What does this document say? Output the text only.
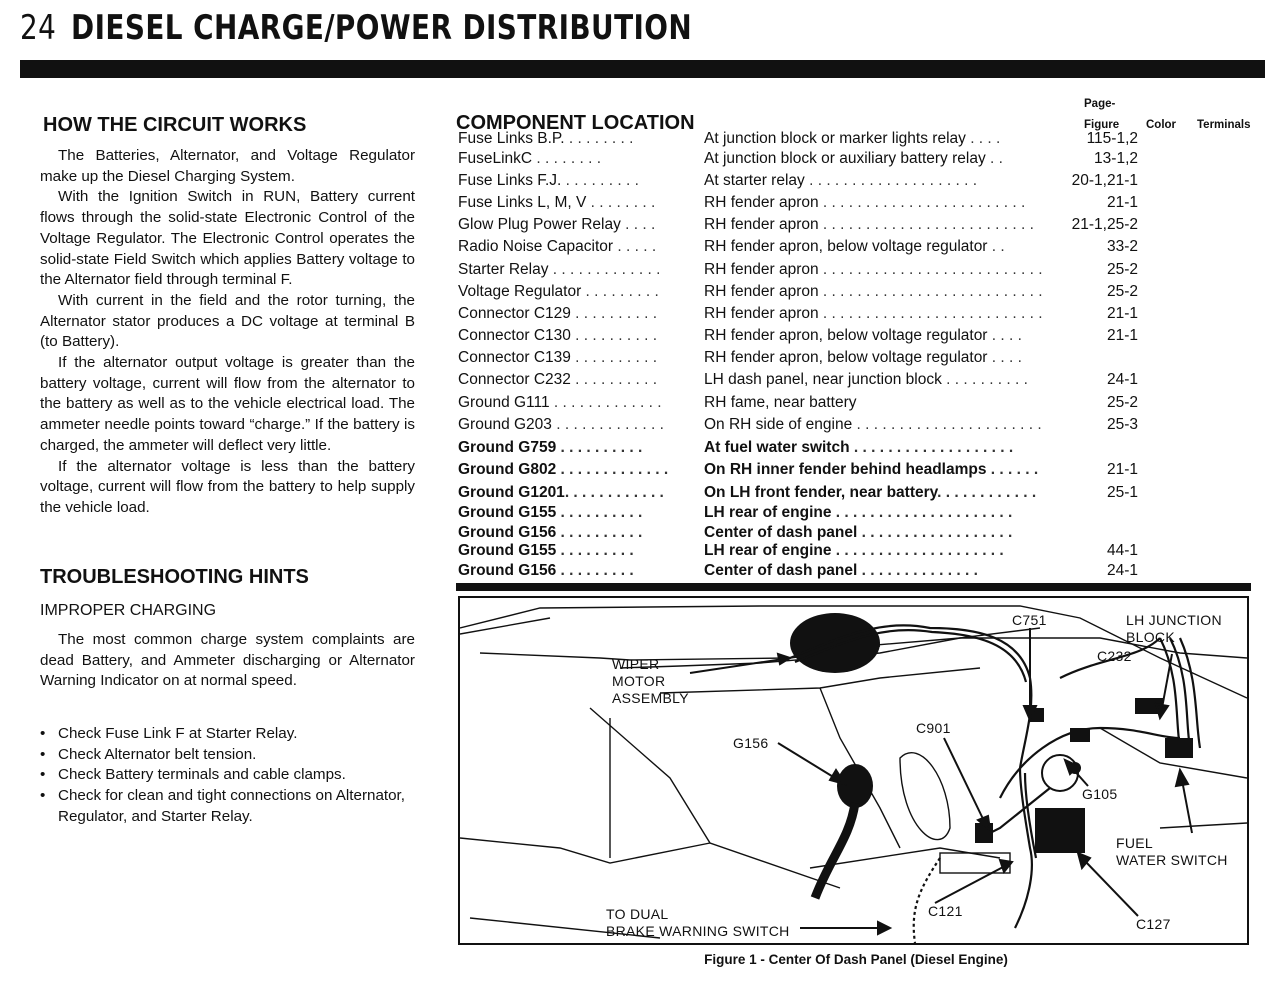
24 DIESEL CHARGE/POWER DISTRIBUTION
HOW THE CIRCUIT WORKS

The Batteries, Alternator, and Voltage Regulator make up the Diesel Charging System.

With the Ignition Switch in RUN, Battery current flows through the solid-state Electronic Control of the Voltage Regulator. The Electronic Control operates the solid-state Field Switch which applies Battery voltage to the Alternator field through terminal F.

With current in the field and the rotor turning, the Alternator stator produces a DC voltage at terminal B (to Battery).

If the alternator output voltage is greater than the battery voltage, current will flow from the alternator to the battery as well as to the vehicle electrical load. The ammeter needle points toward “charge.” If the battery is charged, the ammeter will deflect very little.

If the alternator voltage is less than the battery voltage, current will flow from the battery to help supply the vehicle load.

TROUBLESHOOTING HINTS
IMPROPER CHARGING

The most common charge system complaints are dead Battery, and Ammeter discharging or Alternator Warning Indicator on at normal speed.

• Check Fuse Link F at Starter Relay.
• Check Alternator belt tension.
• Check Battery terminals and cable clamps.
• Check for clean and tight connections on Alternator, Regulator, and Starter Relay.
COMPONENT LOCATION
Page-
Figure Color Terminals
Fuse Links B.P. . . . . . . . .	At junction block or marker lights relay . . . .	115-1,2
FuseLinkC . . . . . . . .	At junction block or auxiliary battery relay . .	13-1,2
Fuse Links F.J. . . . . . . . . .	At starter relay . . . . . . . . . . . . . . . . . . . .	20-1,21-1
Fuse Links L, M, V . . . . . . . .	RH fender apron . . . . . . . . . . . . . . . . . . . . . . . .	21-1
Glow Plug Power Relay . . . .	RH fender apron . . . . . . . . . . . . . . . . . . . . . . . . .	21-1,25-2
Radio Noise Capacitor . . . . .	RH fender apron, below voltage regulator . .	33-2
Starter Relay . . . . . . . . . . . . .	RH fender apron . . . . . . . . . . . . . . . . . . . . . . . . . .	25-2
Voltage Regulator . . . . . . . . .	RH fender apron . . . . . . . . . . . . . . . . . . . . . . . . . .	25-2
Connector C129 . . . . . . . . . .	RH fender apron . . . . . . . . . . . . . . . . . . . . . . . . . .	21-1
Connector C130 . . . . . . . . . .	RH fender apron, below voltage regulator . . . .	21-1
Connector C139 . . . . . . . . . .	RH fender apron, below voltage regulator . . . .
Connector C232 . . . . . . . . . .	LH dash panel, near junction block . . . . . . . . . .	24-1
Ground G111 . . . . . . . . . . . . .	RH fame, near battery	25-2
Ground G203 . . . . . . . . . . . . .	On RH side of engine . . . . . . . . . . . . . . . . . . . . . .	25-3
Ground G759 . . . . . . . . . .	At fuel water switch . . . . . . . . . . . . . . . . . . .
Ground G802 . . . . . . . . . . . . .	On RH inner fender behind headlamps . . . . . .	21-1
Ground G1201. . . . . . . . . . . .	On LH front fender, near battery. . . . . . . . . . . .	25-1
Ground G155 . . . . . . . . . .	LH rear of engine . . . . . . . . . . . . . . . . . . . . .
Ground G156 . . . . . . . . . .	Center of dash panel . . . . . . . . . . . . . . . . . .
Ground G155 . . . . . . . . .	LH rear of engine . . . . . . . . . . . . . . . . . . . .	44-1
Ground G156 . . . . . . . . .	Center of dash panel . . . . . . . . . . . . . .	24-1
C751	LH JUNCTION
BLOCK
C232
WIPER
MOTOR
ASSEMBLY
C901
G156
G105
FUEL
WATER SWITCH
TO DUAL
BRAKE WARNING SWITCH
C121
C127
Figure 1 - Center Of Dash Panel (Diesel Engine)
